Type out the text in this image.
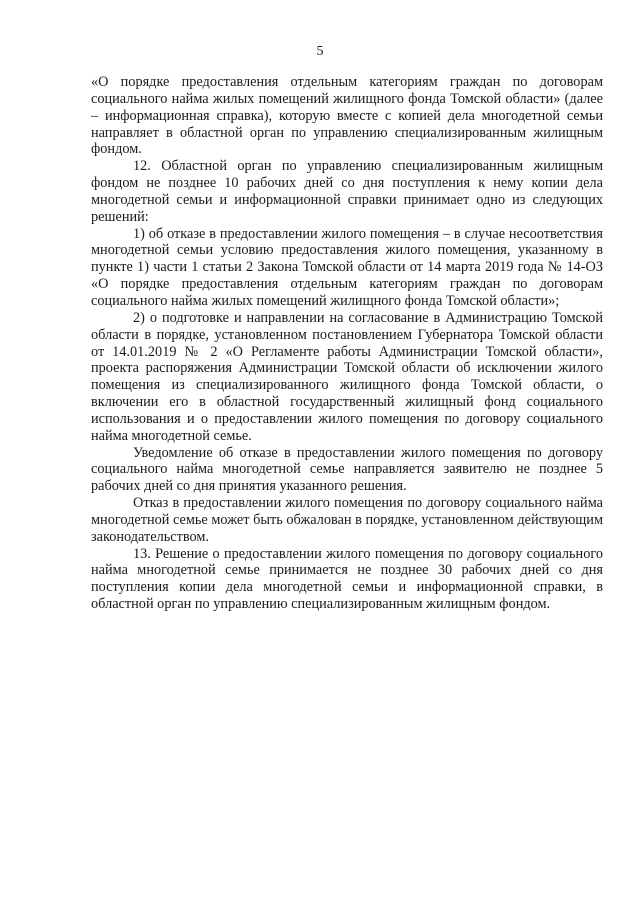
5

«О порядке предоставления отдельным категориям граждан по договорам социального найма жилых помещений жилищного фонда Томской области» (далее – информационная справка), которую вместе с копией дела многодетной семьи направляет в областной орган по управлению специализированным жилищным фондом.

12. Областной орган по управлению специализированным жилищным фондом не позднее 10 рабочих дней со дня поступления к нему копии дела многодетной семьи и информационной справки принимает одно из следующих решений:

1) об отказе в предоставлении жилого помещения – в случае несоответствия многодетной семьи условию предоставления жилого помещения, указанному в пункте 1) части 1 статьи 2 Закона Томской области от 14 марта 2019 года № 14-ОЗ «О порядке предоставления отдельным категориям граждан по договорам социального найма жилых помещений жилищного фонда Томской области»;

2) о подготовке и направлении на согласование в Администрацию Томской области в порядке, установленном постановлением Губернатора Томской области от 14.01.2019 № 2 «О Регламенте работы Администрации Томской области», проекта распоряжения Администрации Томской области об исключении жилого помещения из специализированного жилищного фонда Томской области, о включении его в областной государственный жилищный фонд социального использования и о предоставлении жилого помещения по договору социального найма многодетной семье.

Уведомление об отказе в предоставлении жилого помещения по договору социального найма многодетной семье направляется заявителю не позднее 5 рабочих дней со дня принятия указанного решения.

Отказ в предоставлении жилого помещения по договору социального найма многодетной семье может быть обжалован в порядке, установленном действующим законодательством.

13. Решение о предоставлении жилого помещения по договору социального найма многодетной семье принимается не позднее 30 рабочих дней со дня поступления копии дела многодетной семьи и информационной справки, в областной орган по управлению специализированным жилищным фондом.
